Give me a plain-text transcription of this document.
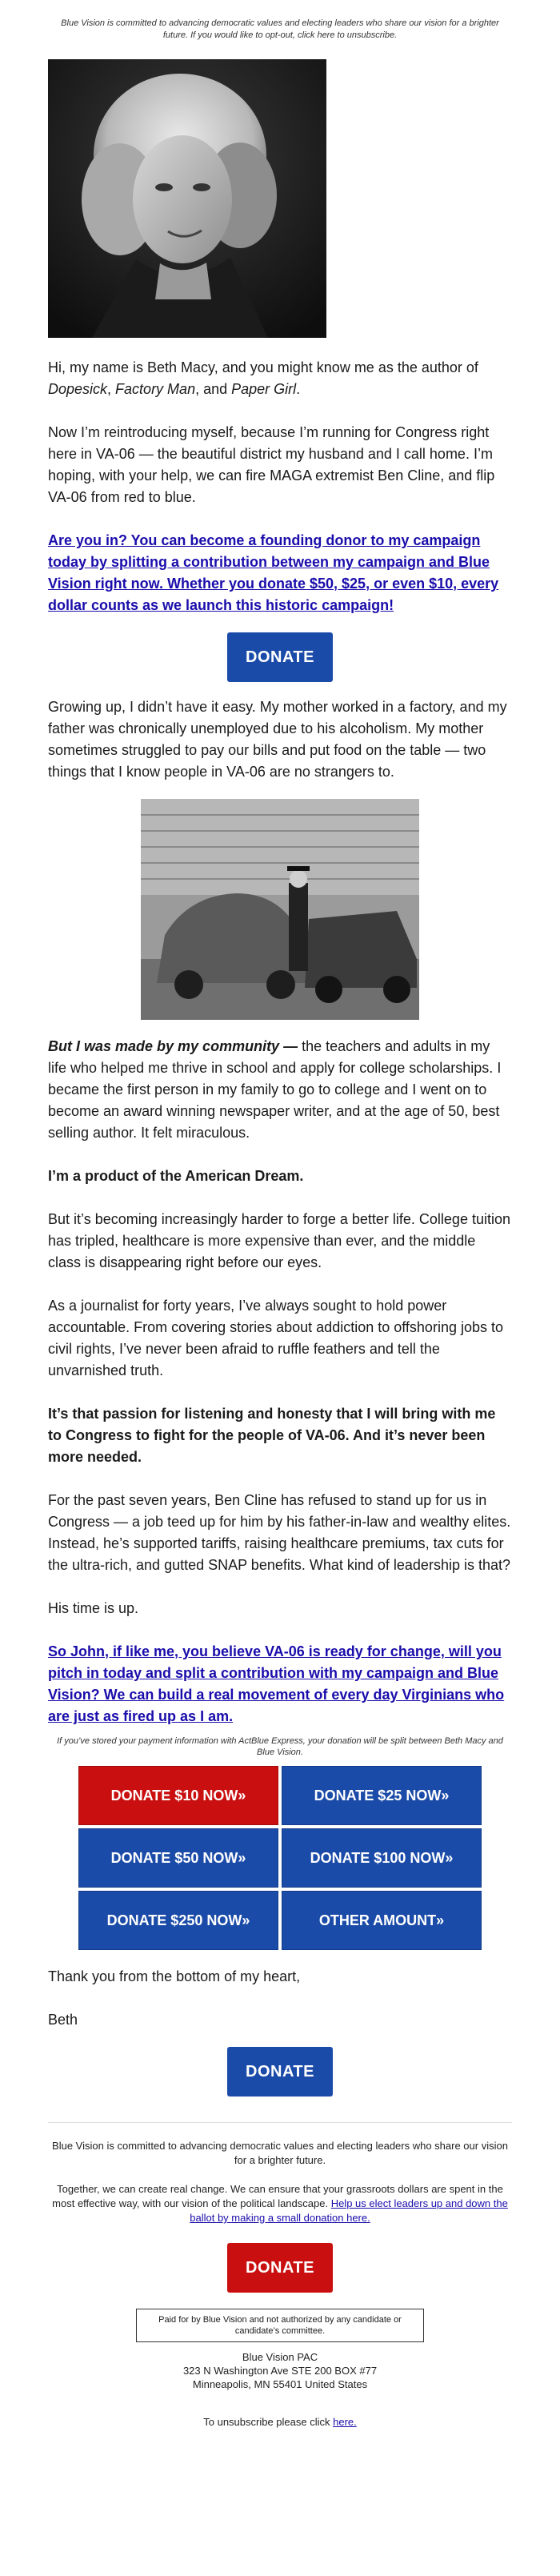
Blue Vision is committed to advancing democratic values and electing leaders who share our vision for a brighter future. If you would like to opt-out, click here to unsubscribe.

Hi, my name is Beth Macy, and you might know me as the author of Dopesick, Factory Man, and Paper Girl.

Now I’m reintroducing myself, because I’m running for Congress right here in VA-06 — the beautiful district my husband and I call home. I’m hoping, with your help, we can fire MAGA extremist Ben Cline, and flip VA-06 from red to blue.

Are you in? You can become a founding donor to my campaign today by splitting a contribution between my campaign and Blue Vision right now. Whether you donate $50, $25, or even $10, every dollar counts as we launch this historic campaign!

DONATE

Growing up, I didn’t have it easy. My mother worked in a factory, and my father was chronically unemployed due to his alcoholism. My mother sometimes struggled to pay our bills and put food on the table — two things that I know people in VA-06 are no strangers to.

But I was made by my community — the teachers and adults in my life who helped me thrive in school and apply for college scholarships. I became the first person in my family to go to college and I went on to become an award winning newspaper writer, and at the age of 50, best selling author. It felt miraculous.

I’m a product of the American Dream.

But it’s becoming increasingly harder to forge a better life. College tuition has tripled, healthcare is more expensive than ever, and the middle class is disappearing right before our eyes.

As a journalist for forty years, I’ve always sought to hold power accountable. From covering stories about addiction to offshoring jobs to civil rights, I’ve never been afraid to ruffle feathers and tell the unvarnished truth.

It’s that passion for listening and honesty that I will bring with me to Congress to fight for the people of VA-06. And it’s never been more needed.

For the past seven years, Ben Cline has refused to stand up for us in Congress — a job teed up for him by his father-in-law and wealthy elites. Instead, he’s supported tariffs, raising healthcare premiums, tax cuts for the ultra-rich, and gutted SNAP benefits. What kind of leadership is that?

His time is up.

So John, if like me, you believe VA-06 is ready for change, will you pitch in today and split a contribution with my campaign and Blue Vision? We can build a real movement of every day Virginians who are just as fired up as I am.

If you’ve stored your payment information with ActBlue Express, your donation will be split between Beth Macy and Blue Vision.
DONATE $10 NOW»	DONATE $25 NOW»
DONATE $50 NOW»	DONATE $100 NOW»
DONATE $250 NOW»	OTHER AMOUNT»

Thank you from the bottom of my heart,

Beth

DONATE
Blue Vision is committed to advancing democratic values and electing leaders who share our vision for a brighter future.
Together, we can create real change. We can ensure that your grassroots dollars are spent in the most effective way, with our vision of the political landscape. Help us elect leaders up and down the ballot by making a small donation here.
DONATE
Paid for by Blue Vision and not authorized by any candidate or candidate’s committee.
Blue Vision PAC
323 N Washington Ave STE 200 BOX #77
Minneapolis, MN 55401 United States
To unsubscribe please click here.
